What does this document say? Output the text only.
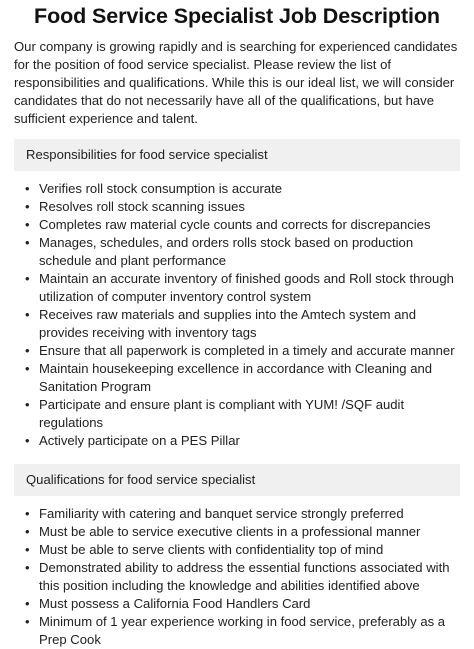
Food Service Specialist Job Description

Our company is growing rapidly and is searching for experienced candidates for the position of food service specialist. Please review the list of responsibilities and qualifications. While this is our ideal list, we will consider candidates that do not necessarily have all of the qualifications, but have sufficient experience and talent.

Responsibilities for food service specialist
• Verifies roll stock consumption is accurate
• Resolves roll stock scanning issues
• Completes raw material cycle counts and corrects for discrepancies
• Manages, schedules, and orders rolls stock based on production schedule and plant performance
• Maintain an accurate inventory of finished goods and Roll stock through utilization of computer inventory control system
• Receives raw materials and supplies into the Amtech system and provides receiving with inventory tags
• Ensure that all paperwork is completed in a timely and accurate manner
• Maintain housekeeping excellence in accordance with Cleaning and Sanitation Program
• Participate and ensure plant is compliant with YUM! /SQF audit regulations
• Actively participate on a PES Pillar
Qualifications for food service specialist
• Familiarity with catering and banquet service strongly preferred
• Must be able to service executive clients in a professional manner
• Must be able to serve clients with confidentiality top of mind
• Demonstrated ability to address the essential functions associated with this position including the knowledge and abilities identified above
• Must possess a California Food Handlers Card
• Minimum of 1 year experience working in food service, preferably as a Prep Cook
